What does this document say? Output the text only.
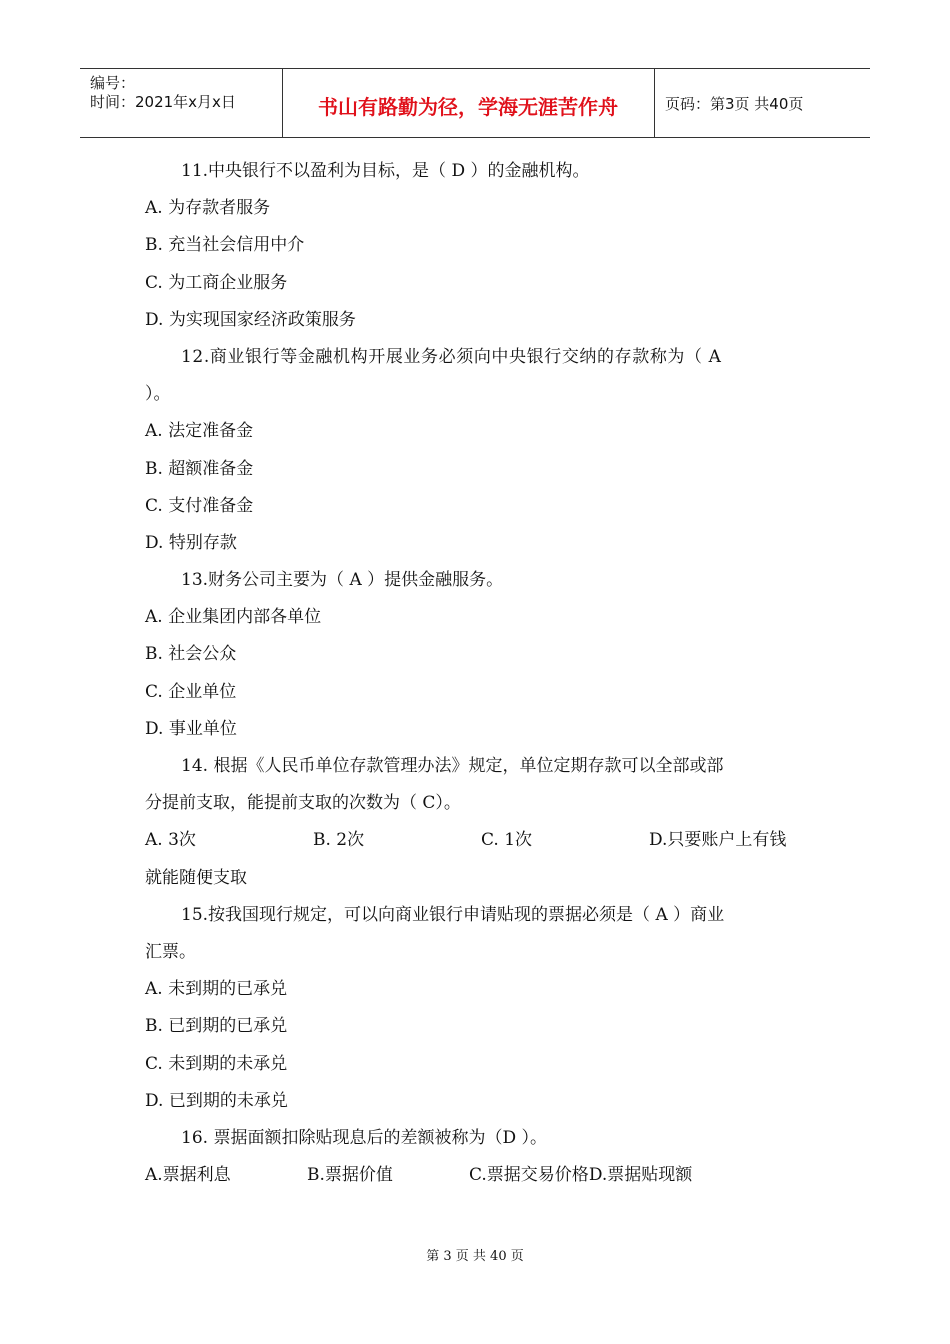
编号：
时间：2021年x月x日	书山有路勤为径，学海无涯苦作舟	页码：第3页 共40页
11.中央银行不以盈利为目标，是（ D ）的金融机构。
A. 为存款者服务
B. 充当社会信用中介
C. 为工商企业服务
D. 为实现国家经济政策服务
12.商业银行等金融机构开展业务必须向中央银行交纳的存款称为（ A
）。
A. 法定准备金
B. 超额准备金
C. 支付准备金
D. 特别存款
13.财务公司主要为（ A ）提供金融服务。
A. 企业集团内部各单位
B. 社会公众
C. 企业单位
D. 事业单位
14. 根据《人民币单位存款管理办法》规定，单位定期存款可以全部或部
分提前支取，能提前支取的次数为（ C）。
A. 3次	B. 2次	C. 1次	D.只要账户上有钱
就能随便支取
15.按我国现行规定，可以向商业银行申请贴现的票据必须是（ A ）商业
汇票。
A. 未到期的已承兑
B. 已到期的已承兑
C. 未到期的未承兑
D. 已到期的未承兑
16. 票据面额扣除贴现息后的差额被称为（D ）。
A.票据利息	B.票据价值	C.票据交易价格 D.票据贴现额
第 3 页 共 40 页
